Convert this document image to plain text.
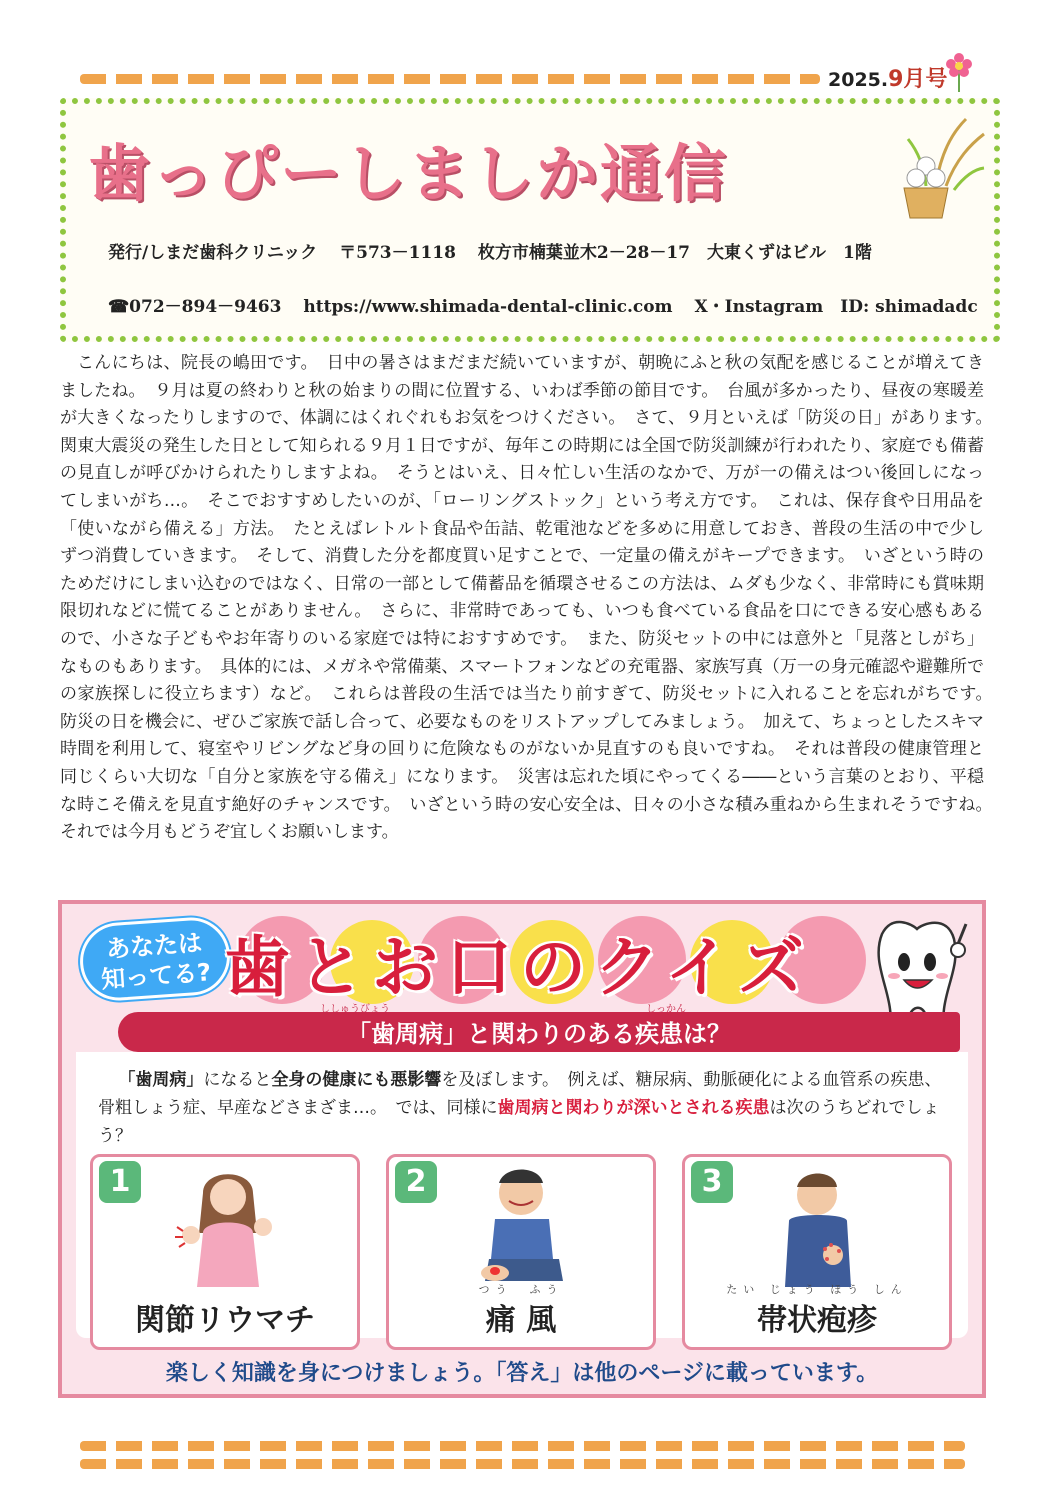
2025.9月号
歯っぴーしましか通信
発行/しまだ歯科クリニック 〒573－1118 枚方市楠葉並木2－28－17　大東くずはビル　1階
☎072－894－9463 https://www.shimada-dental-clinic.com X・Instagram　ID: shimadadc
こんにちは、院長の嶋田です。　日中の暑さはまだまだ続いていますが、朝晩にふと秋の気配を感じることが増えてきましたね。　９月は夏の終わりと秋の始まりの間に位置する、いわば季節の節目です。　台風が多かったり、昼夜の寒暖差が大きくなったりしますので、体調にはくれぐれもお気をつけください。　さて、９月といえば「防災の日」があります。　関東大震災の発生した日として知られる９月１日ですが、毎年この時期には全国で防災訓練が行われたり、家庭でも備蓄の見直しが呼びかけられたりしますよね。　そうとはいえ、日々忙しい生活のなかで、万が一の備えはつい後回しになってしまいがち…。　そこでおすすめしたいのが、「ローリングストック」という考え方です。　これは、保存食や日用品を「使いながら備える」方法。　たとえばレトルト食品や缶詰、乾電池などを多めに用意しておき、普段の生活の中で少しずつ消費していきます。　そして、消費した分を都度買い足すことで、一定量の備えがキープできます。　いざという時のためだけにしまい込むのではなく、日常の一部として備蓄品を循環させるこの方法は、ムダも少なく、非常時にも賞味期限切れなどに慌てることがありません。　さらに、非常時であっても、いつも食べている食品を口にできる安心感もあるので、小さな子どもやお年寄りのいる家庭では特におすすめです。　また、防災セットの中には意外と「見落としがち」なものもあります。　具体的には、メガネや常備薬、スマートフォンなどの充電器、家族写真（万一の身元確認や避難所での家族探しに役立ちます）など。　これらは普段の生活では当たり前すぎて、防災セットに入れることを忘れがちです。　防災の日を機会に、ぜひご家族で話し合って、必要なものをリストアップしてみましょう。　加えて、ちょっとしたスキマ時間を利用して、寝室やリビングなど身の回りに危険なものがないか見直すのも良いですね。　それは普段の健康管理と同じくらい大切な「自分と家族を守る備え」になります。　災害は忘れた頃にやってくる――という言葉のとおり、平穏な時こそ備えを見直す絶好のチャンスです。　いざという時の安心安全は、日々の小さな積み重ねから生まれそうですね。　それでは今月もどうぞ宜しくお願いします。
あなたは
知ってる? 歯とお口のクイズ
「歯周病」と関わりのある疾患は？
ししゅうびょう	しっかん
「歯周病」になると全身の健康にも悪影響を及ぼします。　例えば、糖尿病、動脈硬化による血管系の疾患、骨粗しょう症、早産などさまざま…。　では、同様に歯周病と関わりが深いとされる疾患は次のうちどれでしょう？
1
関節リウマチ
2
つう　ふう
痛 風
3
たい じょう ほう しん
帯状疱疹
楽しく知識を身につけましょう。「答え」は他のページに載っています。
